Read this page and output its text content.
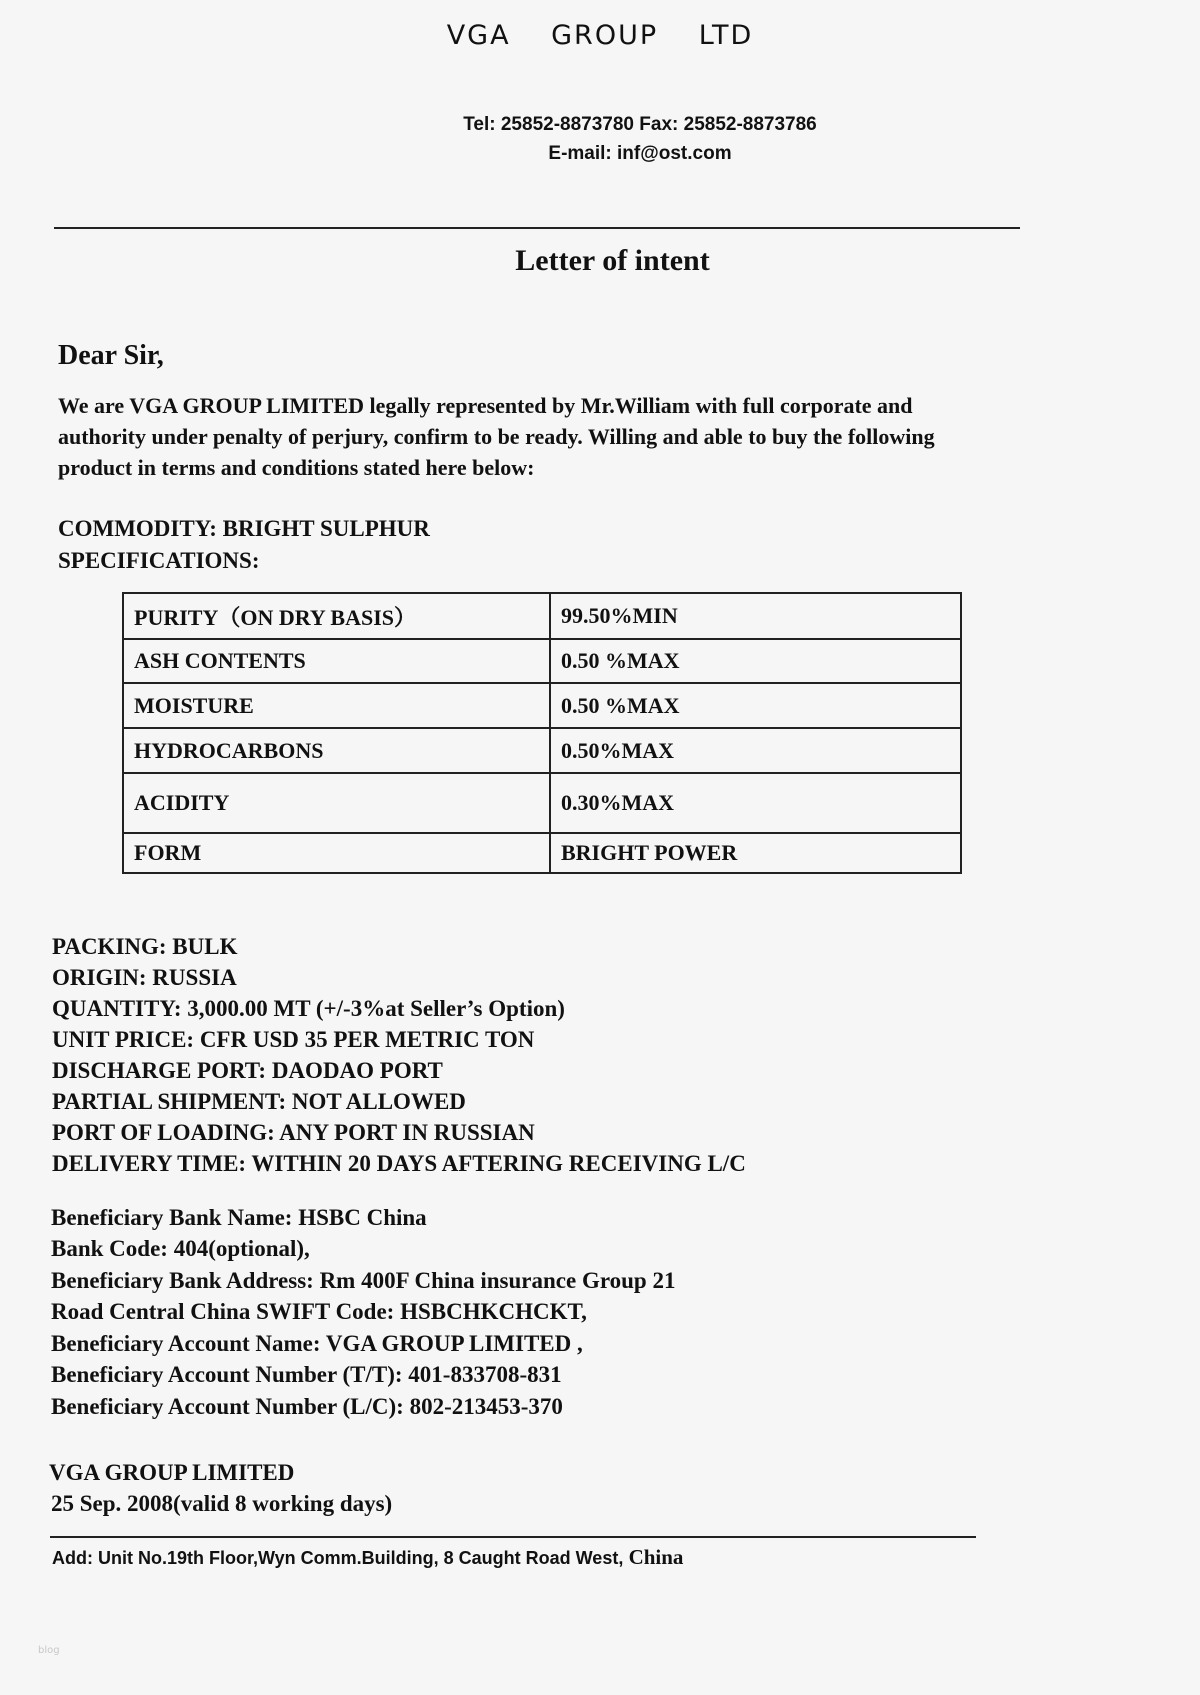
VGA GROUP LTD
Tel: 25852-8873780 Fax: 25852-8873786
E-mail: inf@ost.com
Letter of intent
Dear Sir,
We are VGA GROUP LIMITED legally represented by Mr.William with full corporate and authority under penalty of perjury, confirm to be ready. Willing and able to buy the following product in terms and conditions stated here below:
COMMODITY: BRIGHT SULPHUR
SPECIFICATIONS:
PURITY（ON DRY BASIS）	99.50%MIN
ASH CONTENTS	0.50 %MAX
MOISTURE	0.50 %MAX
HYDROCARBONS	0.50%MAX
ACIDITY	0.30%MAX
FORM	BRIGHT POWER
PACKING: BULK
ORIGIN: RUSSIA
QUANTITY: 3,000.00 MT (+/-3%at Seller’s Option)
UNIT PRICE: CFR USD 35 PER METRIC TON
DISCHARGE PORT: DAODAO PORT
PARTIAL SHIPMENT: NOT ALLOWED
PORT OF LOADING: ANY PORT IN RUSSIAN
DELIVERY TIME: WITHIN 20 DAYS AFTERING RECEIVING L/C
Beneficiary Bank Name: HSBC China
Bank Code: 404(optional),
Beneficiary Bank Address: Rm 400F China insurance Group 21
Road Central China SWIFT Code: HSBCHKCHCKT,
Beneficiary Account Name: VGA GROUP LIMITED ,
Beneficiary Account Number (T/T): 401-833708-831
Beneficiary Account Number (L/C): 802-213453-370
VGA GROUP LIMITED
25 Sep. 2008(valid 8 working days)
Add: Unit No.19th Floor,Wyn Comm.Building, 8 Caught Road West, China
blog
